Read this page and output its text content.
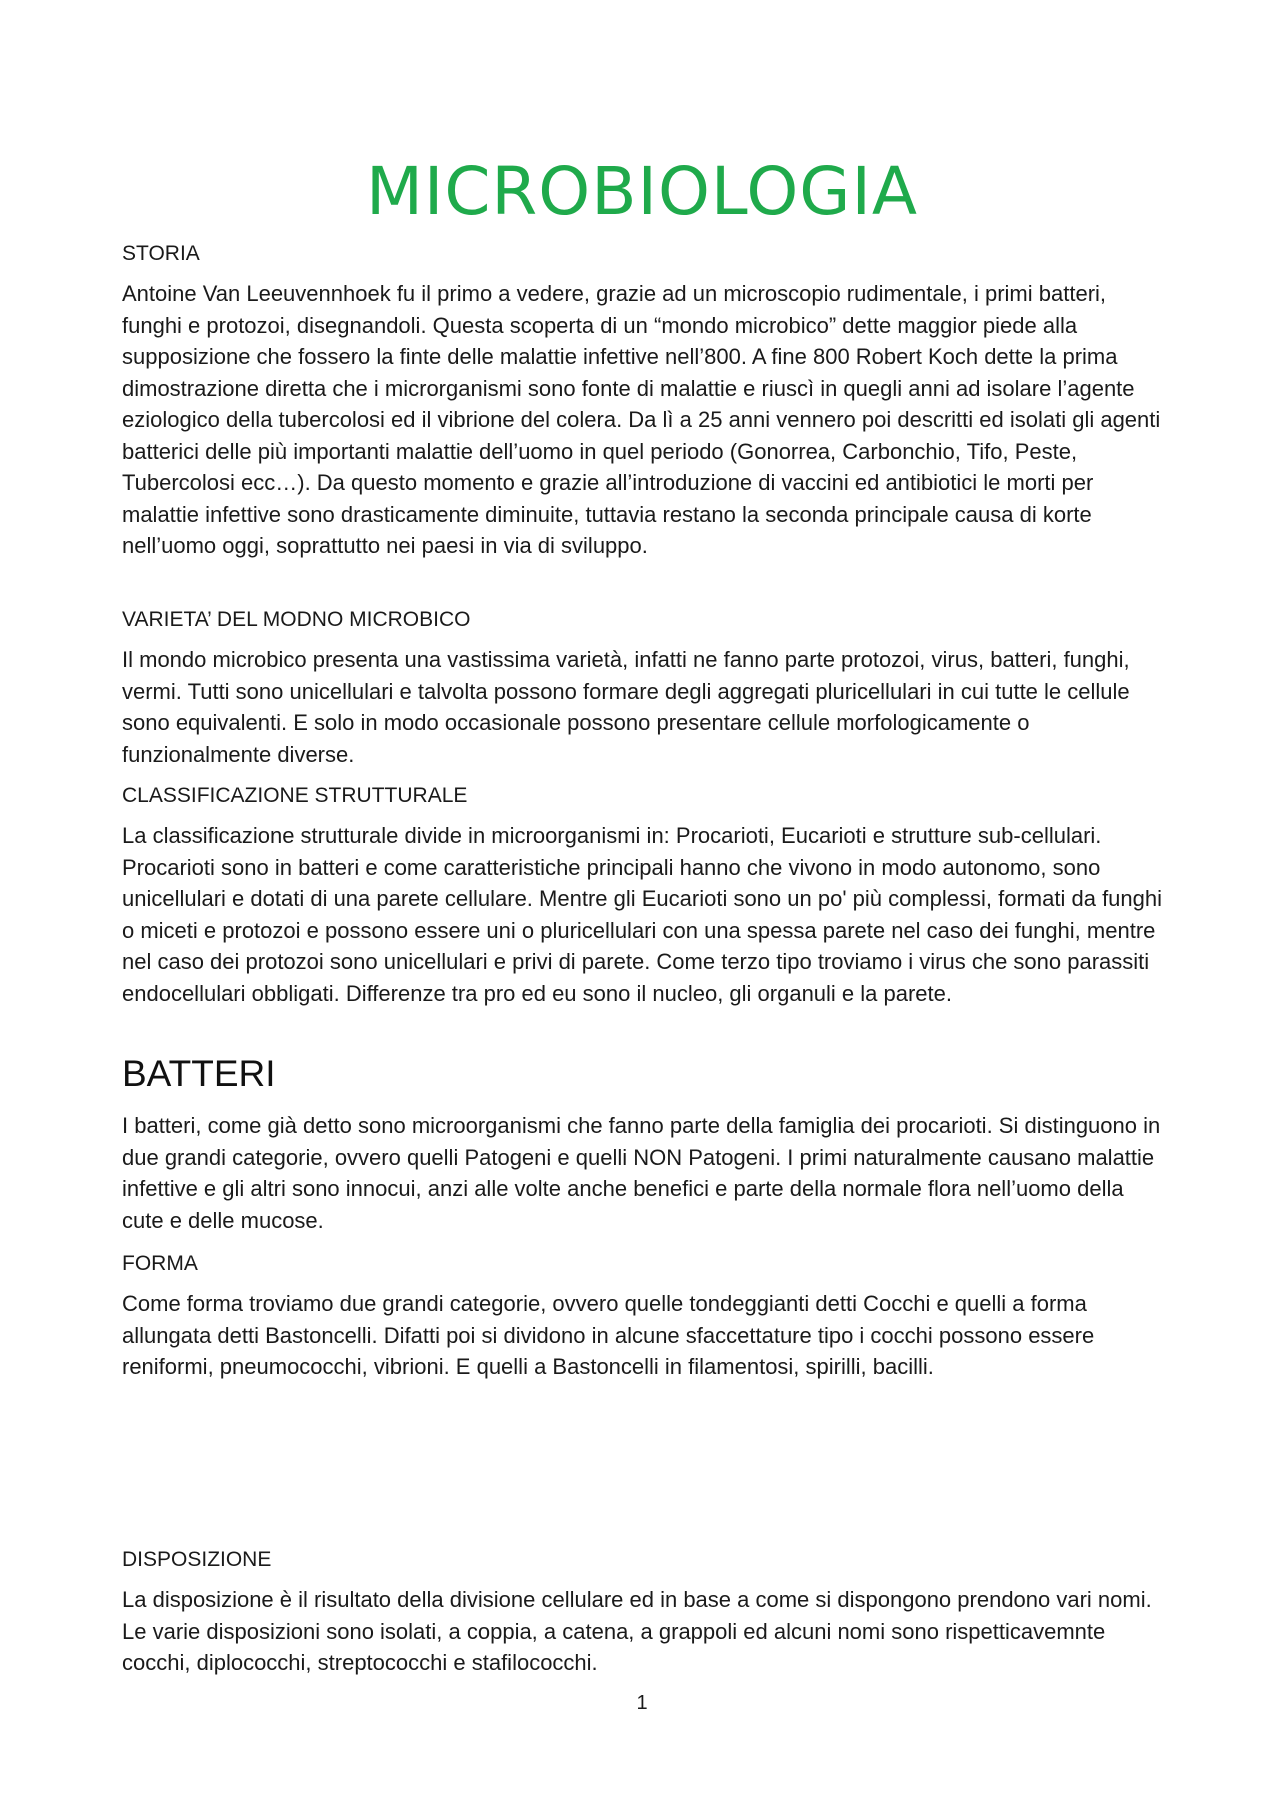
MICROBIOLOGIA
STORIA

Antoine Van Leeuvennhoek fu il primo a vedere, grazie ad un microscopio rudimentale, i primi batteri, funghi e protozoi, disegnandoli. Questa scoperta di un “mondo microbico” dette maggior piede alla supposizione che fossero la finte delle malattie infettive nell’800. A fine 800 Robert Koch dette la prima dimostrazione diretta che i microrganismi sono fonte di malattie e riuscì in quegli anni ad isolare l’agente eziologico della tubercolosi ed il vibrione del colera. Da lì a 25 anni vennero poi descritti ed isolati gli agenti batterici delle più importanti malattie dell’uomo in quel periodo (Gonorrea, Carbonchio, Tifo, Peste, Tubercolosi ecc…). Da questo momento e grazie all’introduzione di vaccini ed antibiotici le morti per malattie infettive sono drasticamente diminuite, tuttavia restano la seconda principale causa di korte nell’uomo oggi, soprattutto nei paesi in via di sviluppo.

VARIETA’ DEL MODNO MICROBICO

Il mondo microbico presenta una vastissima varietà, infatti ne fanno parte protozoi, virus, batteri, funghi, vermi. Tutti sono unicellulari e talvolta possono formare degli aggregati pluricellulari in cui tutte le cellule sono equivalenti. E solo in modo occasionale possono presentare cellule morfologicamente o funzionalmente diverse.

CLASSIFICAZIONE STRUTTURALE

La classificazione strutturale divide in microorganismi in: Procarioti, Eucarioti e strutture sub-cellulari. Procarioti sono in batteri e come caratteristiche principali hanno che vivono in modo autonomo, sono unicellulari e dotati di una parete cellulare. Mentre gli Eucarioti sono un po' più complessi, formati da funghi o miceti e protozoi e possono essere uni o pluricellulari con una spessa parete nel caso dei funghi, mentre nel caso dei protozoi sono unicellulari e privi di parete. Come terzo tipo troviamo i virus che sono parassiti endocellulari obbligati. Differenze tra pro ed eu sono il nucleo, gli organuli e la parete.

BATTERI

I batteri, come già detto sono microorganismi che fanno parte della famiglia dei procarioti. Si distinguono in due grandi categorie, ovvero quelli Patogeni e quelli NON Patogeni. I primi naturalmente causano malattie infettive e gli altri sono innocui, anzi alle volte anche benefici e parte della normale flora nell’uomo della cute e delle mucose.

FORMA

Come forma troviamo due grandi categorie, ovvero quelle tondeggianti detti Cocchi e quelli a forma allungata detti Bastoncelli. Difatti poi si dividono in alcune sfaccettature tipo i cocchi possono essere reniformi, pneumococchi, vibrioni. E quelli a Bastoncelli in filamentosi, spirilli, bacilli.

DISPOSIZIONE

La disposizione è il risultato della divisione cellulare ed in base a come si dispongono prendono vari nomi. Le varie disposizioni sono isolati, a coppia, a catena, a grappoli ed alcuni nomi sono rispetticavemnte cocchi, diplococchi, streptococchi e stafilococchi.

1
